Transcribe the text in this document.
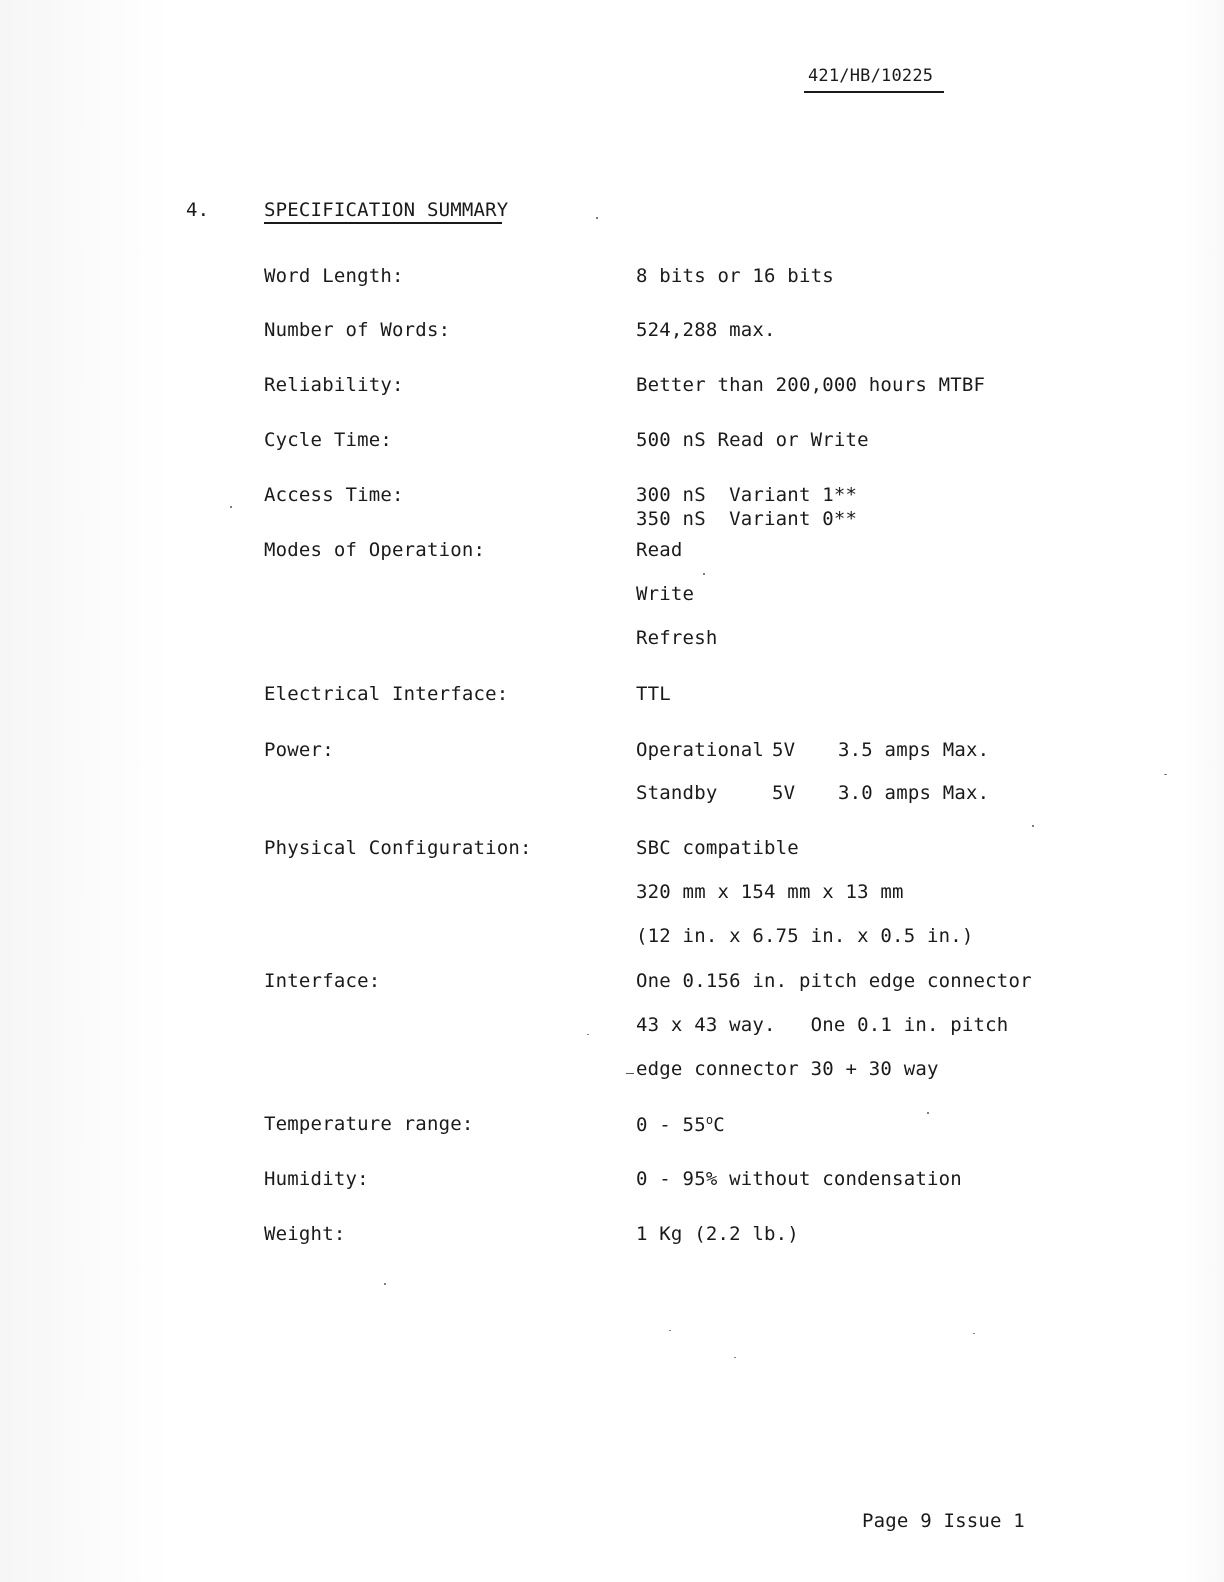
421/HB/10225
4.	SPECIFICATION SUMMARY
Word Length:	8 bits or 16 bits
Number of Words:	524,288 max.
Reliability:	Better than 200,000 hours MTBF
Cycle Time:	500 nS Read or Write
Access Time:	300 nS  Variant 1**
350 nS  Variant 0**
Modes of Operation:	Read
Write
Refresh
Electrical Interface:	TTL
Power:	Operational 5V 3.5 amps Max.
Standby	5V 3.0 amps Max.
Physical Configuration:	SBC compatible
320 mm x 154 mm x 13 mm
(12 in. x 6.75 in. x 0.5 in.)
Interface:	One 0.156 in. pitch edge connector
43 x 43 way.   One 0.1 in. pitch
edge connector 30 + 30 way
Temperature range:	0 - 55$^o$C
Humidity:	0 - 95% without condensation
Weight:	1 Kg (2.2 lb.)
Page 9 Issue 1
